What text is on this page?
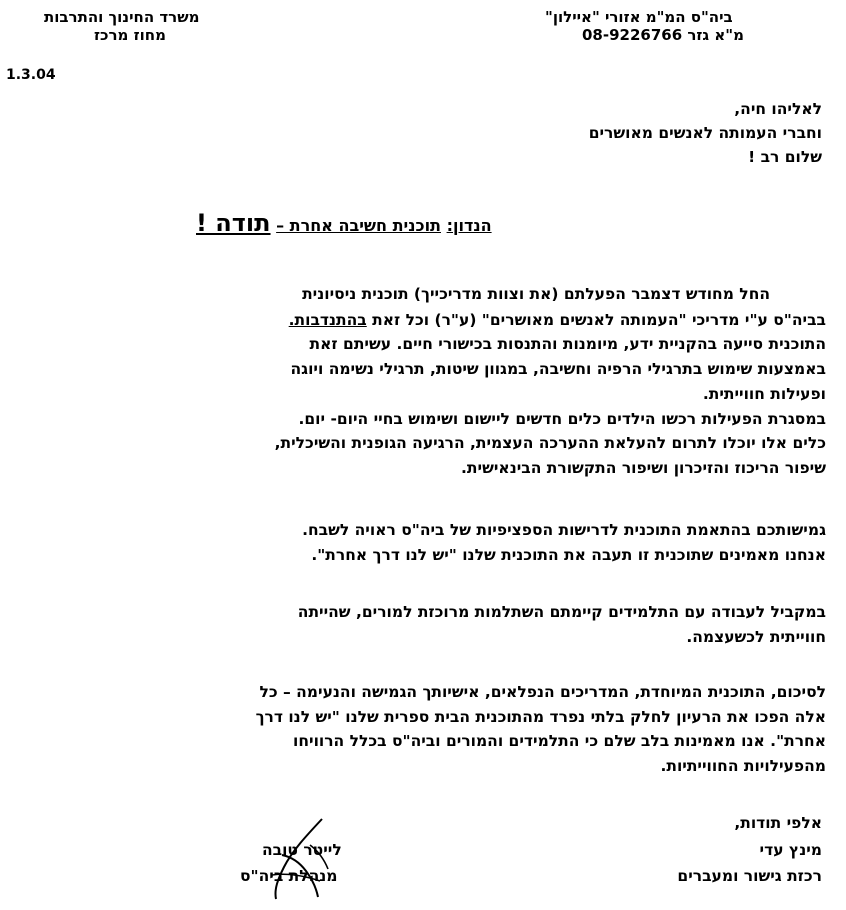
ביה"ס המ"מ אזורי "איילון"
מ"א גזר 08-9226766
משרד החינוך והתרבות
מחוז מרכז
1.3.04
לאליהו חיה,
וחברי העמותה לאנשים מאושרים
שלום רב !
הנדון: תוכנית חשיבה אחרת – תודה !
החל מחודש דצמבר הפעלתם (את וצוות מדריכייך) תוכנית ניסיונית
בביה"ס ע"י מדריכי "העמותה לאנשים מאושרים" (ע"ר) וכל זאת בהתנדבות.
התוכנית סייעה בהקניית ידע, מיומנות והתנסות בכישורי חיים. עשיתם זאת
באמצעות שימוש בתרגילי הרפיה וחשיבה, במגוון שיטות, תרגילי נשימה ויוגה
ופעילות חווייתית.
במסגרת הפעילות רכשו הילדים כלים חדשים ליישום ושימוש בחיי היום- יום.
כלים אלו יוכלו לתרום להעלאת ההערכה העצמית, הרגיעה הגופנית והשיכלית,
שיפור הריכוז והזיכרון ושיפור התקשורת הבינאישית.
גמישותכם בהתאמת התוכנית לדרישות הספציפיות של ביה"ס ראויה לשבח.
אנחנו מאמינים שתוכנית זו תעבה את התוכנית שלנו "יש לנו דרך אחרת".
במקביל לעבודה עם התלמידים קיימתם השתלמות מרוכזת למורים, שהייתה
חווייתית לכשעצמה.
לסיכום, התוכנית המיוחדת, המדריכים הנפלאים, אישיותך הגמישה והנעימה – כל
אלה הפכו את הרעיון לחלק בלתי נפרד מהתוכנית הבית ספרית שלנו "יש לנו דרך
אחרת". אנו מאמינות בלב שלם כי התלמידים והמורים וביה"ס בכלל הרוויחו
מהפעילויות החווייתיות.
אלפי תודות,
מינץ עדי
רכזת גישור ומעברים
לייטר טובה
מנהלת ביה"ס
